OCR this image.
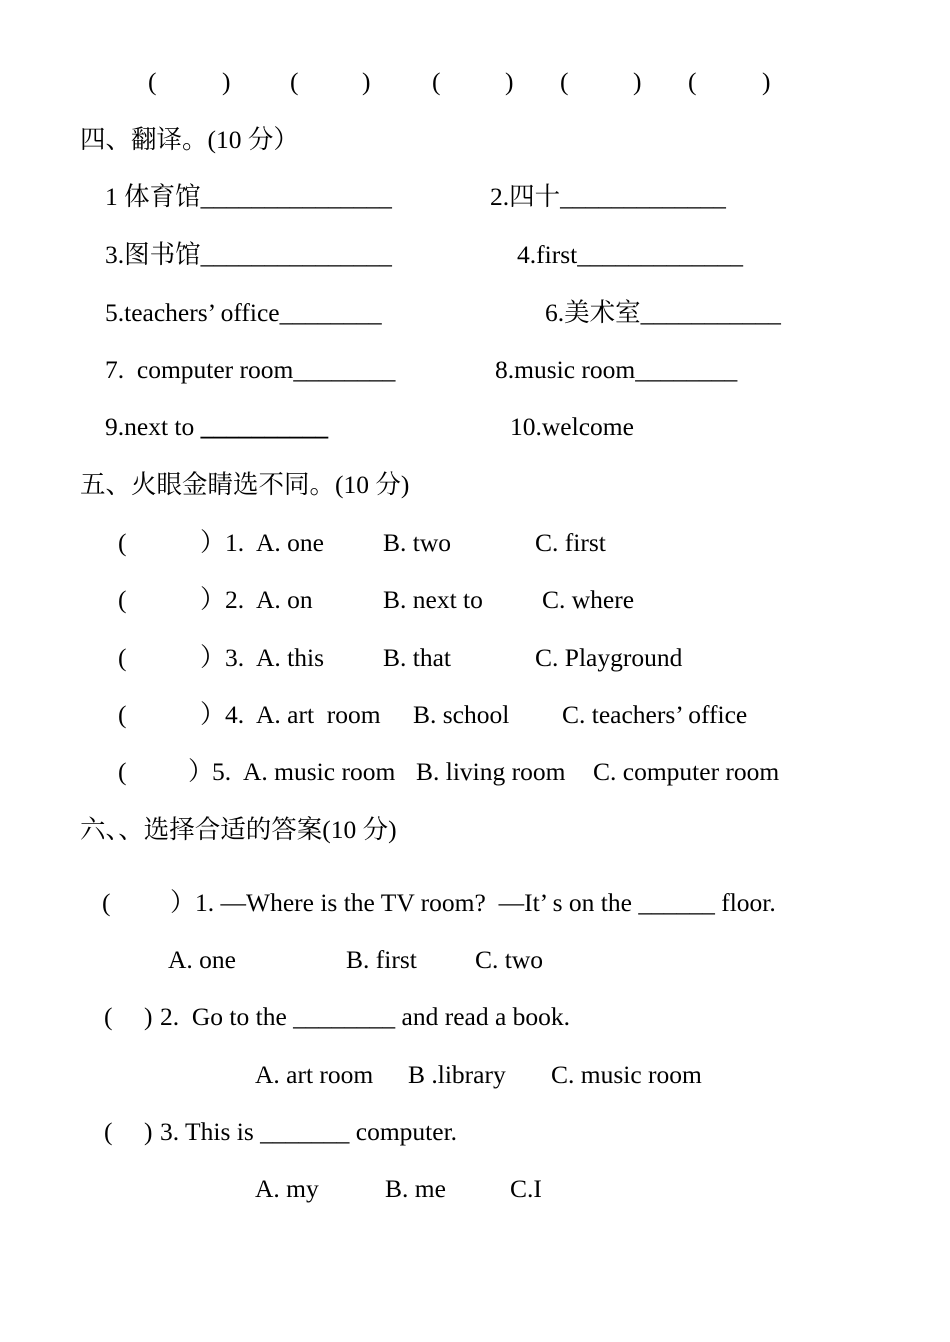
(	) ( ) (	) (	) (	)
四、翻译。(10 分）
1 体育馆_______________	2.四十_____________
3.图书馆_______________	4.first_____________
5.teachers’ office________	6.美术室___________
7.  computer room________	8.music room________
9.next to __________	10.welcome
五、火眼金睛选不同。(10 分)
(	） 1. A. one B. two	C. first
(	） 2. A. on	B. next to C. where
(	） 3. A. this B. that	C. Playground
(	） 4. A. art  room B. school C. teachers’ office
( ）
5. A. music room B. living room C. computer room
六、、选择合适的答案(10 分)
( ） 1. —Where is the TV room?  —It’ s on the ______ floor.
A. one	B. first C. two
( ) 2.  Go to the ________ and read a book.
A. art room B .library C. music room
( ) 3. This is _______ computer.
A. my	B. me	C.I
